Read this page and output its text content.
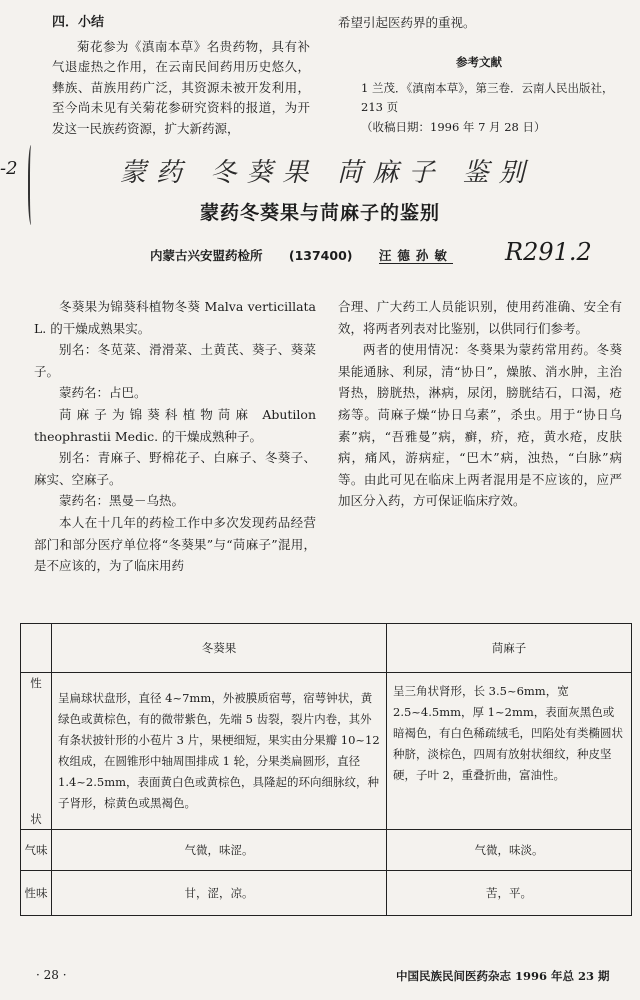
四．小结

菊花参为《滇南本草》名贵药物，具有补气退虚热之作用，在云南民间药用历史悠久，彝族、苗族用药广泛，其资源未被开发利用，至今尚未见有关菊花参研究资料的报道，为开发这一民族药资源，扩大新药源，

希望引起医药界的重视。

参考文献

1 兰茂．《滇南本草》，第三卷．云南人民出版社，

213 页

（收稿日期：1996 年 7 月 28 日）

-2	蒙药 冬葵果 苘麻子 鉴别
蒙药冬葵果与苘麻子的鉴别
内蒙古兴安盟药检所 (137400) 汪德孙敏	R291.2

冬葵果为锦葵科植物冬葵 Malva verticillata L. 的干燥成熟果实。

别名：冬苋菜、滑滑菜、土黄芪、葵子、葵菜子。

蒙药名：占巴。

苘麻子为锦葵科植物苘麻 Abutilon theophrastii Medic. 的干燥成熟种子。

别名：青麻子、野棉花子、白麻子、冬葵子、麻实、空麻子。

蒙药名：黑曼－乌热。

本人在十几年的药检工作中多次发现药品经营部门和部分医疗单位将“冬葵果”与“苘麻子”混用，是不应该的，为了临床用药

合理、广大药工人员能识别，使用药准确、安全有效，将两者列表对比鉴别，以供同行们参考。

两者的使用情况：冬葵果为蒙药常用药。冬葵果能通脉、利尿，清“协日”，燥脓、消水肿，主治肾热，膀胱热，淋病，尿闭，膀胱结石，口渴，疮疡等。苘麻子燥“协日乌素”，杀虫。用于“协日乌素”病，“吾雅曼”病，癣，疥，疮，黄水疮，皮肤病，痛风，游病症，“巴木”病，浊热，“白脉”病等。由此可见在临床上两者混用是不应该的，应严加区分入药，方可保证临床疗效。

	冬葵果	苘麻子

性
状	呈扁球状盘形，直径 4~7mm，外被膜质宿萼，宿萼钟状，黄绿色或黄棕色，有的微带紫色，先端 5 齿裂，裂片内卷，其外有条状披针形的小苞片 3 片，果梗细短，果实由分果瓣 10~12 枚组成，在圆锥形中轴周围排成 1 轮，分果类扁圆形，直径 1.4~2.5mm，表面黄白色或黄棕色，具隆起的环向细脉纹，种子肾形，棕黄色或黑褐色。	呈三角状肾形，长 3.5~6mm，宽 2.5~4.5mm，厚 1~2mm，表面灰黑色或暗褐色，有白色稀疏绒毛，凹陷处有类椭圆状种脐，淡棕色，四周有放射状细纹，种皮坚硬，子叶 2，重叠折曲，富油性。
气味	气微，味涩。	气微，味淡。
性味	甘，涩，凉。	苦，平。
· 28 ·	中国民族民间医药杂志 1996 年总 23 期
